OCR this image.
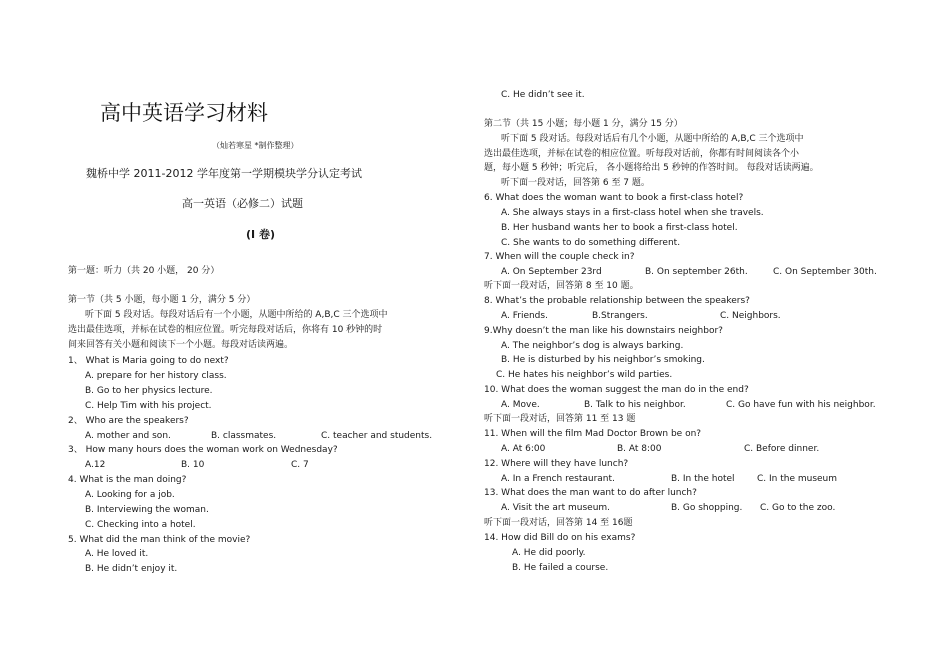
高中英语学习材料
（灿若寒星 *制作整理）
魏桥中学 2011-2012 学年度第一学期模块学分认定考试
高一英语（必修二）试题
(I 卷)
第一题：听力（共 20 小题， 20 分）
第一节（共 5 小题，每小题 1 分，满分 5 分）
听下面 5 段对话。每段对话后有一个小题，从题中所给的 A,B,C 三个选项中
选出最佳选项，并标在试卷的相应位置。听完每段对话后，你将有 10 秒钟的时
间来回答有关小题和阅读下一个小题。每段对话读两遍。
1、 What is Maria going to do next?
A. prepare for her history class.
B. Go to her physics lecture.
C. Help Tim with his project.
2、 Who are the speakers?
A. mother and son.	B. classmates.	C. teacher and students.
3、 How many hours does the woman work on Wednesday?
A.12	B. 10	C. 7
4. What is the man doing?
A. Looking for a job.
B. Interviewing the woman.
C. Checking into a hotel.
5. What did the man think of the movie?
A. He loved it.
B. He didn’t enjoy it.
C. He didn’t see it.
第二节（共 15 小题；每小题 1 分，满分 15 分）
听下面 5 段对话。每段对话后有几个小题，从题中所给的 A,B,C 三个选项中
选出最佳选项，并标在试卷的相应位置。听每段对话前，你都有时间阅读各个小
题，每小题 5 秒钟；听完后， 各小题将给出 5 秒钟的作答时间。 每段对话读两遍。
听下面一段对话，回答第 6 至 7 题。
6. What does the woman want to book a first-class hotel?
A. She always stays in a first-class hotel when she travels.
B. Her husband wants her to book a first-class hotel.
C. She wants to do something different.
7. When will the couple check in?
A. On September 23rd	B. On september 26th.	C. On September 30th.
听下面一段对话，回答第 8 至 10 题。
8. What’s the probable relationship between the speakers?
A. Friends.	B.Strangers.	C. Neighbors.
9.Why doesn’t the man like his downstairs neighbor?
A. The neighbor’s dog is always barking.
B. He is disturbed by his neighbor’s smoking.
C. He hates his neighbor’s wild parties.
10. What does the woman suggest the man do in the end?
A. Move.	B. Talk to his neighbor.	C. Go have fun with his neighbor.
听下面一段对话，回答第 11 至 13 题
11. When will the film Mad Doctor Brown be on?
A. At 6:00	B. At 8:00	C. Before dinner.
12. Where will they have lunch?
A. In a French restaurant.	B. In the hotel C. In the museum
13. What does the man want to do after lunch?
A. Visit the art museum.	B. Go shopping. C. Go to the zoo.
听下面一段对话，回答第 14 至 16题
14. How did Bill do on his exams?
A. He did poorly.
B. He failed a course.
